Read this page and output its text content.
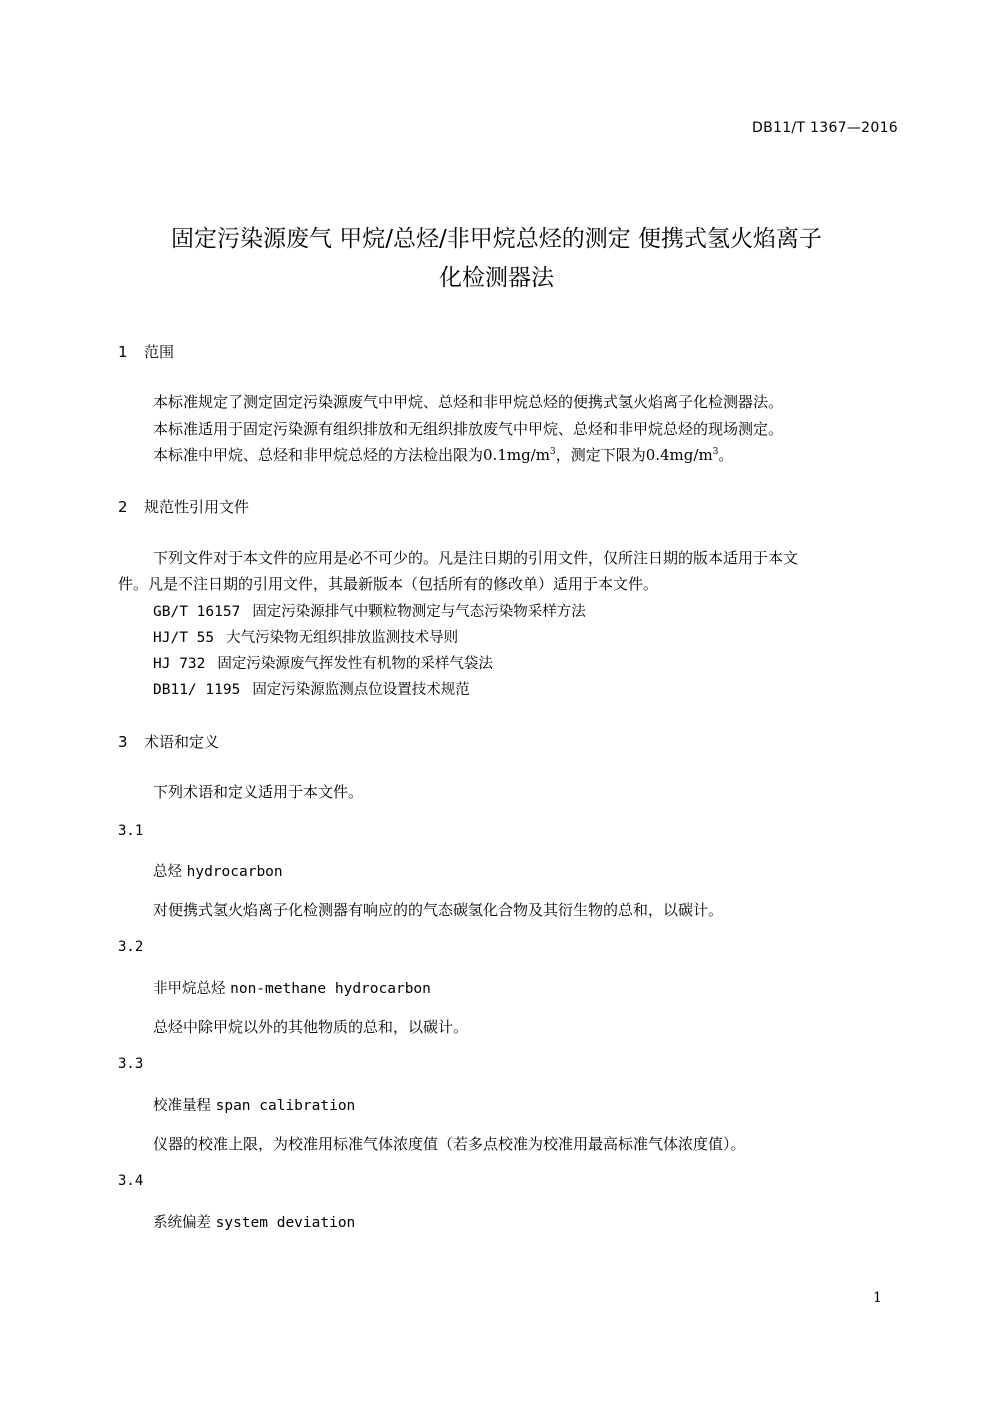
DB11/T 1367—2016
固定污染源废气 甲烷/总烃/非甲烷总烃的测定 便携式氢火焰离子
化检测器法
1 范围
本标准规定了测定固定污染源废气中甲烷、总烃和非甲烷总烃的便携式氢火焰离子化检测器法。
本标准适用于固定污染源有组织排放和无组织排放废气中甲烷、总烃和非甲烷总烃的现场测定。
本标准中甲烷、总烃和非甲烷总烃的方法检出限为$0.1mg/m^3$，测定下限为$0.4mg/m^3$。
2 规范性引用文件
下列文件对于本文件的应用是必不可少的。凡是注日期的引用文件，仅所注日期的版本适用于本文
件。凡是不注日期的引用文件，其最新版本（包括所有的修改单）适用于本文件。
GB/T 16157 固定污染源排气中颗粒物测定与气态污染物采样方法
HJ/T 55 大气污染物无组织排放监测技术导则
HJ 732 固定污染源废气挥发性有机物的采样气袋法
DB11/ 1195 固定污染源监测点位设置技术规范
3 术语和定义
下列术语和定义适用于本文件。
3.1
总烃 hydrocarbon
对便携式氢火焰离子化检测器有响应的的气态碳氢化合物及其衍生物的总和，以碳计。
3.2
非甲烷总烃 non-methane hydrocarbon
总烃中除甲烷以外的其他物质的总和，以碳计。
3.3
校准量程 span calibration
仪器的校准上限，为校准用标准气体浓度值（若多点校准为校准用最高标准气体浓度值）。
3.4
系统偏差 system deviation
1
